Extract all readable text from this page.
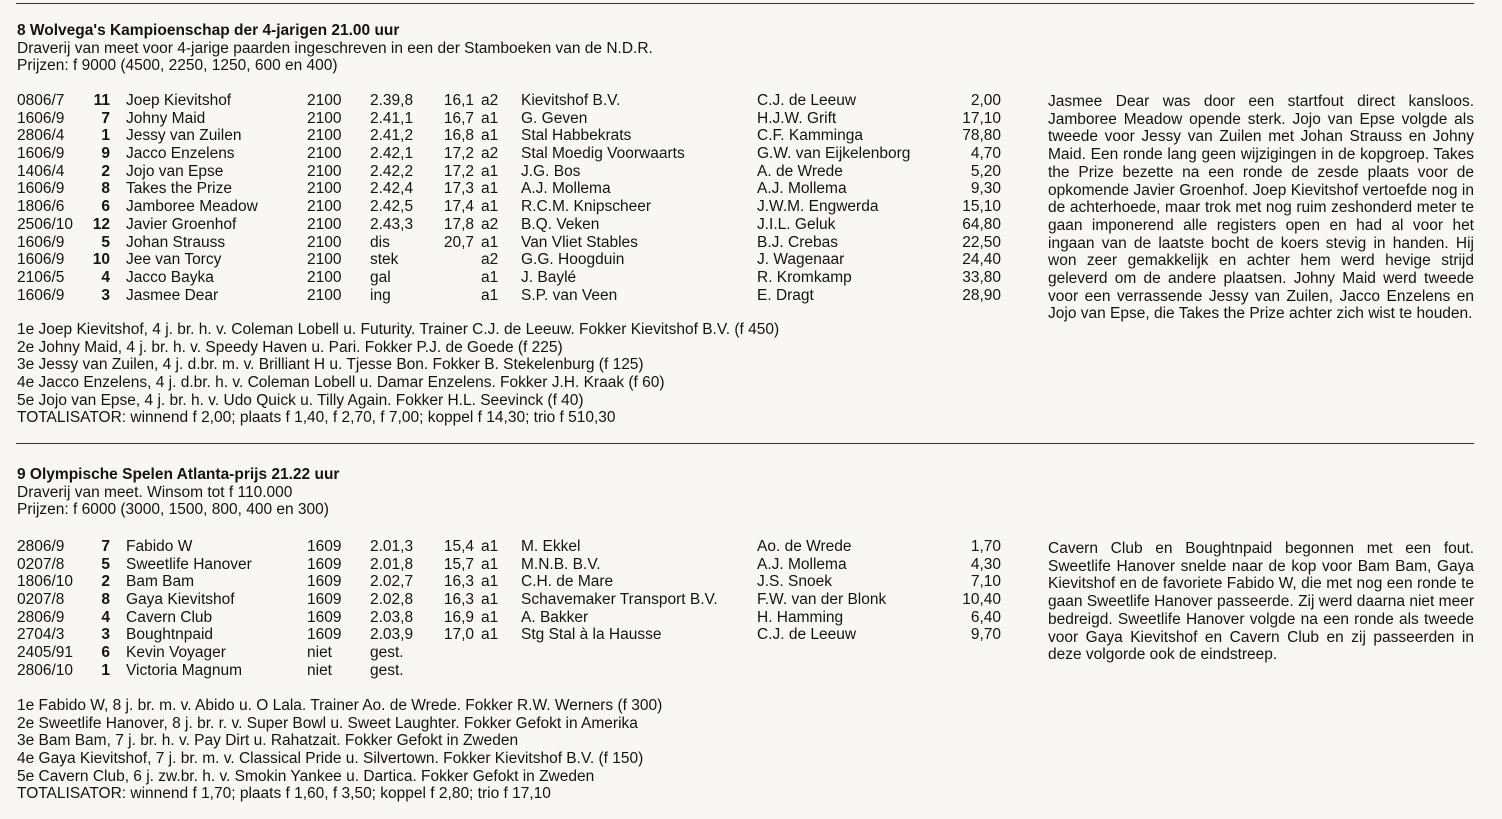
8 Wolvega's Kampioenschap der 4-jarigen 21.00 uur
Draverij van meet voor 4-jarige paarden ingeschreven in een der Stamboeken van de N.D.R.
Prijzen: f 9000 (4500, 2250, 1250, 600 en 400)
0806/7	11 Joep Kievitshof	2100 2.39,8	16,1 a2 Kievitshof B.V.	C.J. de Leeuw	2,00
1606/9	7 Johny Maid	2100 2.41,1	16,7 a1 G. Geven	H.J.W. Grift	17,10
2806/4	1 Jessy van Zuilen	2100 2.41,2	16,8 a1 Stal Habbekrats	C.F. Kamminga	78,80
1606/9	9 Jacco Enzelens	2100 2.42,1	17,2 a2 Stal Moedig Voorwaarts	G.W. van Eijkelenborg	4,70
1406/4	2 Jojo van Epse	2100 2.42,2	17,2 a1 J.G. Bos	A. de Wrede	5,20
1606/9	8 Takes the Prize	2100 2.42,4	17,3 a1 A.J. Mollema	A.J. Mollema	9,30
1806/6	6 Jamboree Meadow	2100 2.42,5	17,4 a1 R.C.M. Knipscheer	J.W.M. Engwerda	15,10
2506/10	12 Javier Groenhof	2100 2.43,3	17,8 a2 B.Q. Veken	J.I.L. Geluk	64,80
1606/9	5 Johan Strauss	2100 dis	20,7 a1 Van Vliet Stables	B.J. Crebas	22,50
1606/9	10 Jee van Torcy	2100 stek	a2 G.G. Hoogduin	J. Wagenaar	24,40
2106/5	4 Jacco Bayka	2100 gal	a1 J. Baylé	R. Kromkamp	33,80
1606/9	3 Jasmee Dear	2100 ing	a1 S.P. van Veen	E. Dragt	28,90
1e Joep Kievitshof, 4 j. br. h. v. Coleman Lobell u. Futurity. Trainer C.J. de Leeuw. Fokker Kievitshof B.V. (f 450)
2e Johny Maid, 4 j. br. h. v. Speedy Haven u. Pari. Fokker P.J. de Goede (f 225)
3e Jessy van Zuilen, 4 j. d.br. m. v. Brilliant H u. Tjesse Bon. Fokker B. Stekelenburg (f 125)
4e Jacco Enzelens, 4 j. d.br. h. v. Coleman Lobell u. Damar Enzelens. Fokker J.H. Kraak (f 60)
5e Jojo van Epse, 4 j. br. h. v. Udo Quick u. Tilly Again. Fokker H.L. Seevinck (f 40)
TOTALISATOR: winnend f 2,00; plaats f 1,40, f 2,70, f 7,00; koppel f 14,30; trio f 510,30

Jasmee Dear was door een startfout direct kansloos. Jamboree Meadow opende sterk. Jojo van Epse volgde als tweede voor Jessy van Zuilen met Johan Strauss en Johny Maid. Een ronde lang geen wijzigingen in de kopgroep. Takes the Prize bezette na een ronde de zesde plaats voor de opkomende Javier Groenhof. Joep Kievitshof vertoefde nog in de achterhoede, maar trok met nog ruim zeshonderd meter te gaan imponerend alle registers open en had al voor het ingaan van de laatste bocht de koers stevig in handen. Hij won zeer gemakkelijk en achter hem werd hevige strijd geleverd om de andere plaatsen. Johny Maid werd tweede voor een verrassende Jessy van Zuilen, Jacco Enzelens en Jojo van Epse, die Takes the Prize achter zich wist te houden.

9 Olympische Spelen Atlanta-prijs 21.22 uur
Draverij van meet. Winsom tot f 110.000
Prijzen: f 6000 (3000, 1500, 800, 400 en 300)
2806/9	7 Fabido W	1609 2.01,3	15,4 a1 M. Ekkel	Ao. de Wrede	1,70
0207/8	5 Sweetlife Hanover	1609 2.01,8	15,7 a1 M.N.B. B.V.	A.J. Mollema	4,30
1806/10	2 Bam Bam	1609 2.02,7	16,3 a1 C.H. de Mare	J.S. Snoek	7,10
0207/8	8 Gaya Kievitshof	1609 2.02,8	16,3 a1 Schavemaker Transport B.V.	F.W. van der Blonk	10,40
2806/9	4 Cavern Club	1609 2.03,8	16,9 a1 A. Bakker	H. Hamming	6,40
2704/3	3 Boughtnpaid	1609 2.03,9	17,0 a1 Stg Stal à la Hausse	C.J. de Leeuw	9,70
2405/91	6 Kevin Voyager	niet gest.
2806/10	1 Victoria Magnum	niet gest.
1e Fabido W, 8 j. br. m. v. Abido u. O Lala. Trainer Ao. de Wrede. Fokker R.W. Werners (f 300)
2e Sweetlife Hanover, 8 j. br. r. v. Super Bowl u. Sweet Laughter. Fokker Gefokt in Amerika
3e Bam Bam, 7 j. br. h. v. Pay Dirt u. Rahatzait. Fokker Gefokt in Zweden
4e Gaya Kievitshof, 7 j. br. m. v. Classical Pride u. Silvertown. Fokker Kievitshof B.V. (f 150)
5e Cavern Club, 6 j. zw.br. h. v. Smokin Yankee u. Dartica. Fokker Gefokt in Zweden
TOTALISATOR: winnend f 1,70; plaats f 1,60, f 3,50; koppel f 2,80; trio f 17,10

Cavern Club en Boughtnpaid begonnen met een fout. Sweetlife Hanover snelde naar de kop voor Bam Bam, Gaya Kievitshof en de favoriete Fabido W, die met nog een ronde te gaan Sweetlife Hanover passeerde. Zij werd daarna niet meer bedreigd. Sweetlife Hanover volgde na een ronde als tweede voor Gaya Kievitshof en Cavern Club en zij passeerden in deze volgorde ook de eindstreep.
